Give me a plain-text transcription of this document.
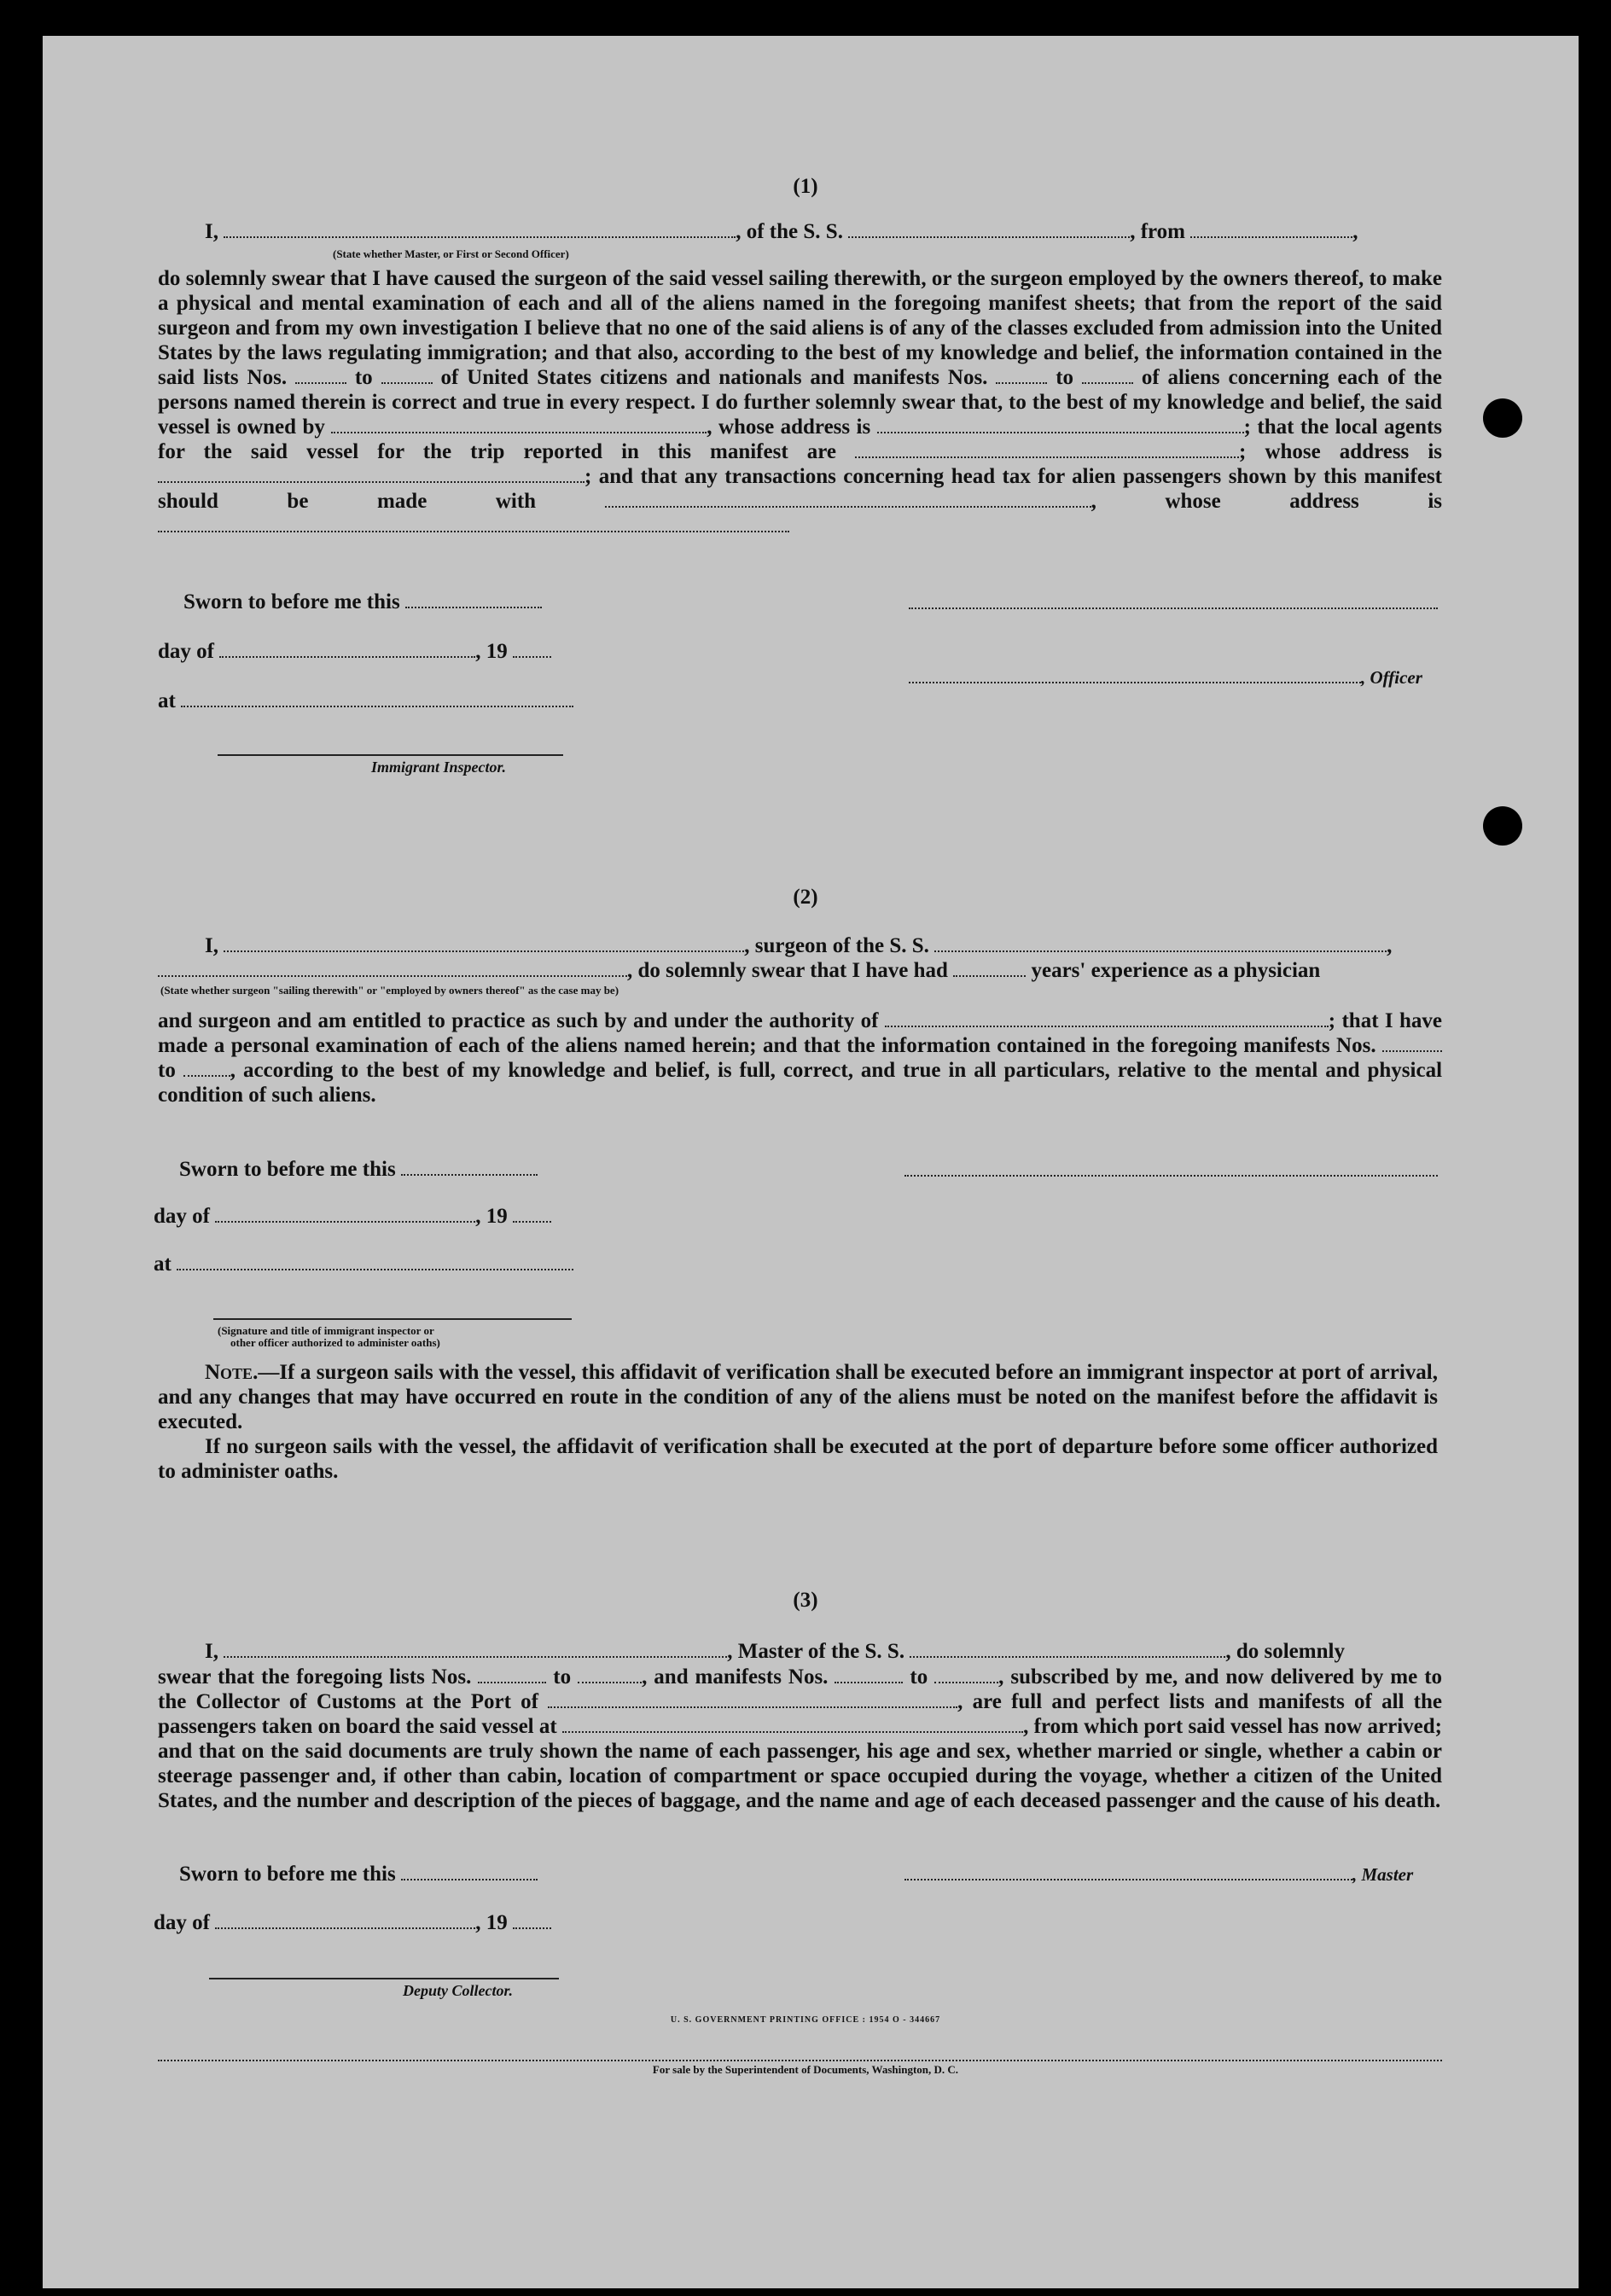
(1)
I,	, of the S. S.	, from	,
(State whether Master, or First or Second Officer)
do solemnly swear that I have caused the surgeon of the said vessel sailing therewith, or the surgeon employed by the owners thereof, to make a physical and mental examination of each and all of the aliens named in the foregoing manifest sheets; that from the report of the said surgeon and from my own investigation I believe that no one of the said aliens is of any of the classes excluded from admission into the United States by the laws regulating immigration; and that also, according to the best of my knowledge and belief, the information contained in the said lists Nos.	to	of United States citizens and nationals and manifests Nos.	to	of aliens concerning each of the persons named therein is correct and true in every respect. I do further solemnly swear that, to the best of my knowledge and belief, the said vessel is owned by	, whose address is	; that the local agents for the said vessel for the trip reported in this manifest are	; whose address is ; and that any transactions concerning head tax for alien passengers shown by this manifest should be made with	, whose address is
Sworn to before me this
day of	, 19
, Officer
at
Immigrant Inspector.
(2)
I,	, surgeon of the S. S.	,
, do solemnly swear that I have had	years' experience as a physician
(State whether surgeon "sailing therewith" or "employed by owners thereof" as the case may be)
and surgeon and am entitled to practice as such by and under the authority of	; that I have made a personal examination of each of the aliens named herein; and that the information contained in the foregoing manifests Nos.  to	, according to the best of my knowledge and belief, is full, correct, and true in all particulars, relative to the mental and physical condition of such aliens.
Sworn to before me this
day of	, 19
at
(Signature and title of immigrant inspector or
other officer authorized to administer oaths)
Note.—If a surgeon sails with the vessel, this affidavit of verification shall be executed before an immigrant inspector at port of arrival, and any changes that may have occurred en route in the condition of any of the aliens must be noted on the manifest before the affidavit is executed.
If no surgeon sails with the vessel, the affidavit of verification shall be executed at the port of departure before some officer authorized to administer oaths.
(3)
I,	, Master of the S. S.	, do solemnly
swear that the foregoing lists Nos.	to	, and manifests Nos.	to	, subscribed by me, and now delivered by me to the Collector of Customs at the Port of	, are full and perfect lists and manifests of all the passengers taken on board the said vessel at	, from which port said vessel has now arrived; and that on the said documents are truly shown the name of each passenger, his age and sex, whether married or single, whether a cabin or steerage passenger and, if other than cabin, location of compartment or space occupied during the voyage, whether a citizen of the United States, and the number and description of the pieces of baggage, and the name and age of each deceased passenger and the cause of his death.
Sworn to before me this	, Master
day of	, 19
Deputy Collector.
U. S. GOVERNMENT PRINTING OFFICE : 1954 O - 344667
For sale by the Superintendent of Documents, Washington, D. C.
